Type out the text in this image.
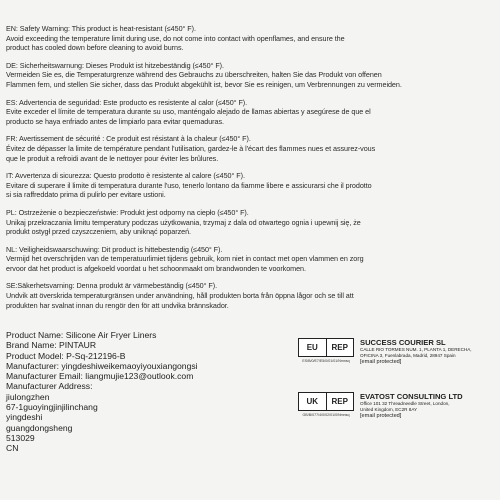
EN: Safety Warning: This product is heat-resistant (≤450° F).

Avoid exceeding the temperature limit during use, do not come into contact with openflames, and ensure the

product has cooled down before cleaning to avoid burns.

DE: Sicherheitswarnung: Dieses Produkt ist hitzebeständig (≤450° F).

Vermeiden Sie es, die Temperaturgrenze während des Gebrauchs zu überschreiten, halten Sie das Produkt von offenen

Flammen fern, und stellen Sie sicher, dass das Produkt abgekühlt ist, bevor Sie es reinigen, um Verbrennungen zu vermeiden.

ES: Advertencia de seguridad: Este producto es resistente al calor (≤450° F).

Evite exceder el límite de temperatura durante su uso, manténgalo alejado de llamas abiertas y asegúrese de que el

producto se haya enfriado antes de limpiarlo para evitar quemaduras.

FR: Avertissement de sécurité : Ce produit est résistant à la chaleur (≤450° F).

Évitez de dépasser la limite de température pendant l'utilisation, gardez-le à l'écart des flammes nues et assurez-vous

que le produit a refroidi avant de le nettoyer pour éviter les brûlures.

IT: Avvertenza di sicurezza: Questo prodotto è resistente al calore (≤450° F).

Evitare di superare il limite di temperatura durante l'uso, tenerlo lontano da fiamme libere e assicurarsi che il prodotto

si sia raffreddato prima di pulirlo per evitare ustioni.

PL: Ostrzeżenie o bezpieczeństwie: Produkt jest odporny na ciepło (≤450° F).

Unikaj przekraczania limitu temperatury podczas użytkowania, trzymaj z dala od otwartego ognia i upewnij się, że

produkt ostygł przed czyszczeniem, aby uniknąć poparzeń.

NL: Veiligheidswaarschuwing: Dit product is hittebestendig (≤450° F).

Vermijd het overschrijden van de temperatuurlimiet tijdens gebruik, kom niet in contact met open vlammen en zorg

ervoor dat het product is afgekoeld voordat u het schoonmaakt om brandwonden te voorkomen.

SE:Säkerhetsvarning: Denna produkt är värmebeständig (≤450° F).

Undvik att överskrida temperaturgränsen under användning, håll produkten borta från öppna lågor och se till att

produkten har svalnat innan du rengör den för att undvika brännskador.

Product Name: Silicone Air Fryer Liners
Brand Name: PINTAUR
Product Model: P-Sq-212196-B
Manufacturer: yingdeshiweikemaoyiyouxiangongsi
Manufacturer Email: liangmujie123@outlook.com
Manufacturer Address:
jiulongzhen
67-1guoyingjinjilinchang
yingdeshi
guangdongsheng
513029
CN
EU	REP
ES/B/0/E7/E5/0/01/01/Nmnsq
SUCCESS COURIER SL
CALLE RIO TORMES NUM. 1, PLANTA 1, DERECHA,
OFICINA 3, Fuenlabrada, Madrid, 28947 Spain
[email protected]
UK	REP
GB/B/077/4/0/02/01/0/Nmnsq
EVATOST CONSULTING LTD
Office 101 32 Threadneedle Street, London,
United Kingdom, EC2R 8AY
[email protected]
